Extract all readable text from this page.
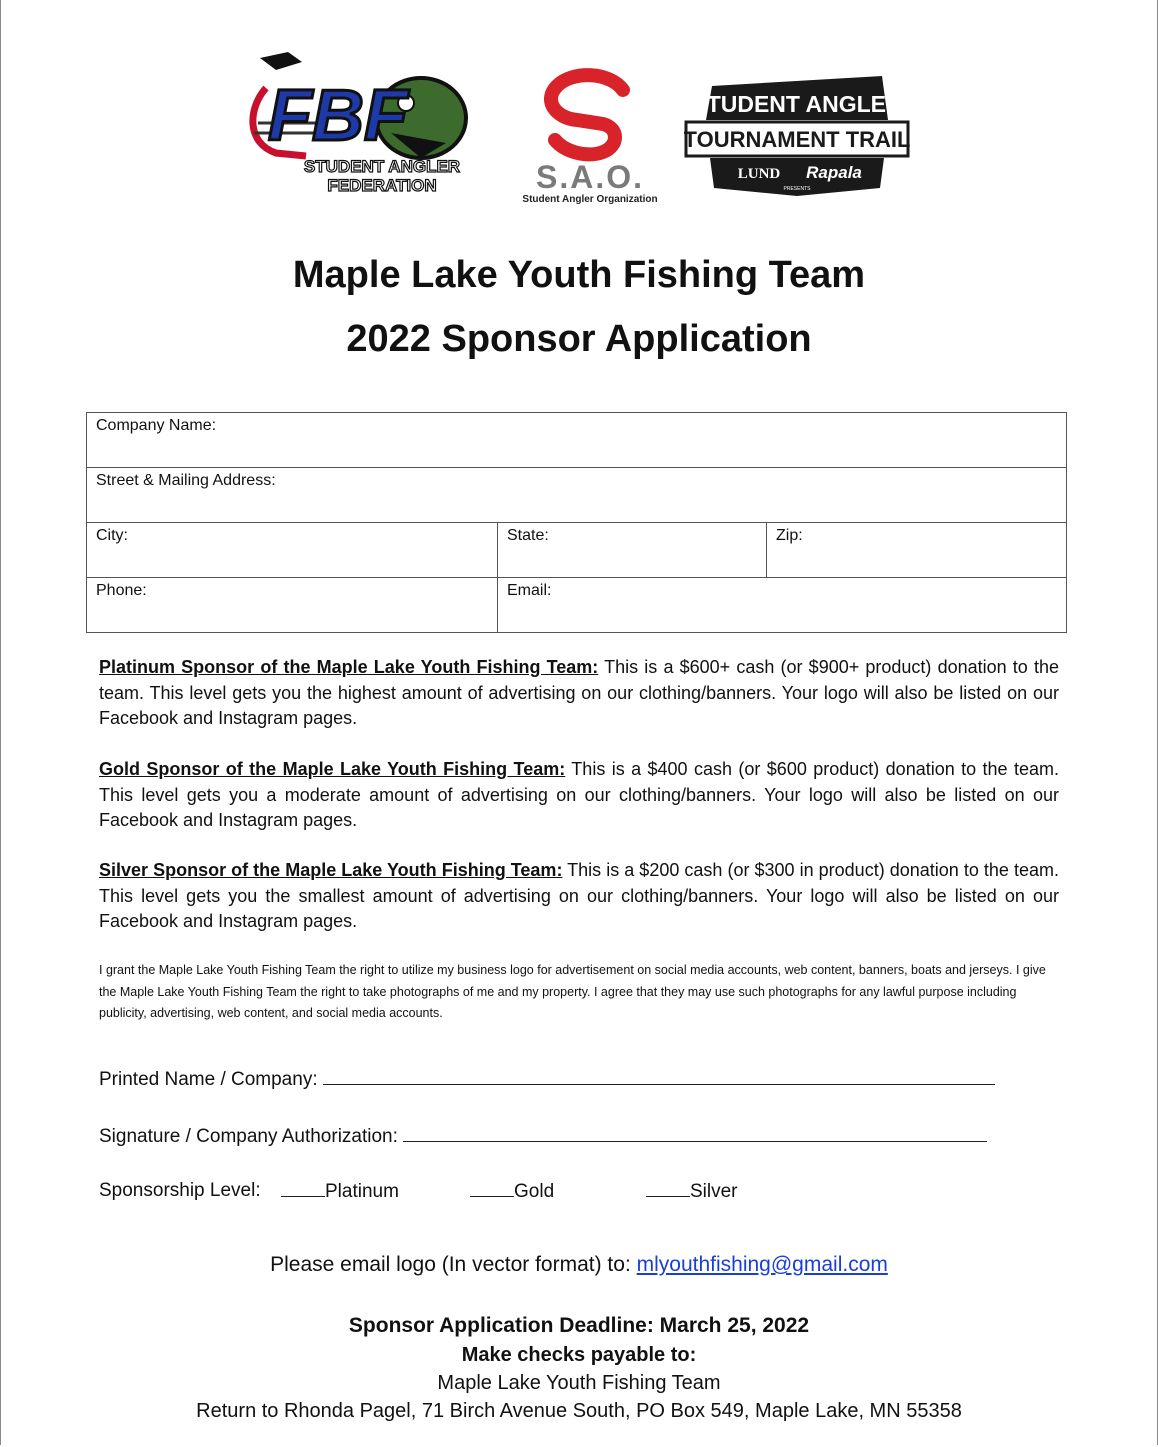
FBF
STUDENT ANGLER
FEDERATION	S.A.O.
Student Angler Organization
STUDENT ANGLER
TOURNAMENT TRAIL
LUND Rapala
PRESENTS
Maple Lake Youth Fishing Team
2022 Sponsor Application
Company Name:		
Street & Mailing Address:		
City:	State:	Zip:
Phone:	Email:	
Platinum Sponsor of the Maple Lake Youth Fishing Team: This is a $600+ cash (or $900+ product) donation to the team. This level gets you the highest amount of advertising on our clothing/banners. Your logo will also be listed on our Facebook and Instagram pages.
Gold Sponsor of the Maple Lake Youth Fishing Team: This is a $400 cash (or $600 product) donation to the team. This level gets you a moderate amount of advertising on our clothing/banners. Your logo will also be listed on our Facebook and Instagram pages.
Silver Sponsor of the Maple Lake Youth Fishing Team: This is a $200 cash (or $300 in product) donation to the team. This level gets you the smallest amount of advertising on our clothing/banners. Your logo will also be listed on our Facebook and Instagram pages.
I grant the Maple Lake Youth Fishing Team the right to utilize my business logo for advertisement on social media accounts, web content, banners, boats and jerseys. I give the Maple Lake Youth Fishing Team the right to take photographs of me and my property. I agree that they may use such photographs for any lawful purpose including publicity, advertising, web content, and social media accounts.
Printed Name / Company:
Signature / Company Authorization:
Sponsorship Level:	Platinum	Gold	Silver
Please email logo (In vector format) to: mlyouthfishing@gmail.com
Sponsor Application Deadline: March 25, 2022
Make checks payable to:
Maple Lake Youth Fishing Team
Return to Rhonda Pagel, 71 Birch Avenue South, PO Box 549, Maple Lake, MN 55358
